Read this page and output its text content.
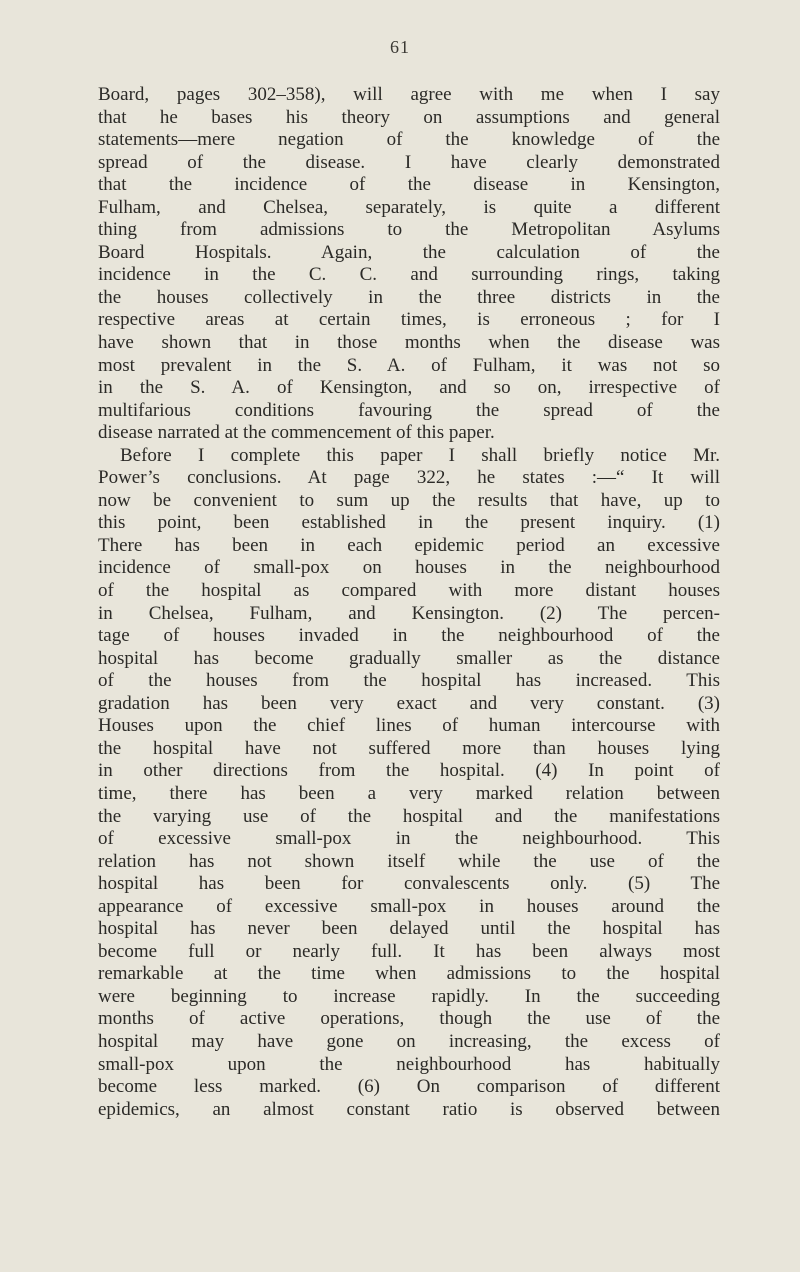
61
Board, pages 302–358), will agree with me when I say
that he bases his theory on assumptions and general
statements—mere negation of the knowledge of the
spread of the disease. I have clearly demonstrated
that the incidence of the disease in Kensington,
Fulham, and Chelsea, separately, is quite a different
thing from admissions to the Metropolitan Asylums
Board Hospitals. Again, the calculation of the
incidence in the C. C. and surrounding rings, taking
the houses collectively in the three districts in the
respective areas at certain times, is erroneous ; for I
have shown that in those months when the disease was
most prevalent in the S. A. of Fulham, it was not so
in the S. A. of Kensington, and so on, irrespective of
multifarious conditions favouring the spread of the
disease narrated at the commencement of this paper.
Before I complete this paper I shall briefly notice Mr.
Power’s conclusions. At page 322, he states :—“ It will
now be convenient to sum up the results that have, up to
this point, been established in the present inquiry. (1)
There has been in each epidemic period an excessive
incidence of small-pox on houses in the neighbourhood
of the hospital as compared with more distant houses
in Chelsea, Fulham, and Kensington. (2) The percen-
tage of houses invaded in the neighbourhood of the
hospital has become gradually smaller as the distance
of the houses from the hospital has increased. This
gradation has been very exact and very constant. (3)
Houses upon the chief lines of human intercourse with
the hospital have not suffered more than houses lying
in other directions from the hospital. (4) In point of
time, there has been a very marked relation between
the varying use of the hospital and the manifestations
of excessive small-pox in the neighbourhood. This
relation has not shown itself while the use of the
hospital has been for convalescents only. (5) The
appearance of excessive small-pox in houses around the
hospital has never been delayed until the hospital has
become full or nearly full. It has been always most
remarkable at the time when admissions to the hospital
were beginning to increase rapidly. In the succeeding
months of active operations, though the use of the
hospital may have gone on increasing, the excess of
small-pox upon the neighbourhood has habitually
become less marked. (6) On comparison of different
epidemics, an almost constant ratio is observed between
